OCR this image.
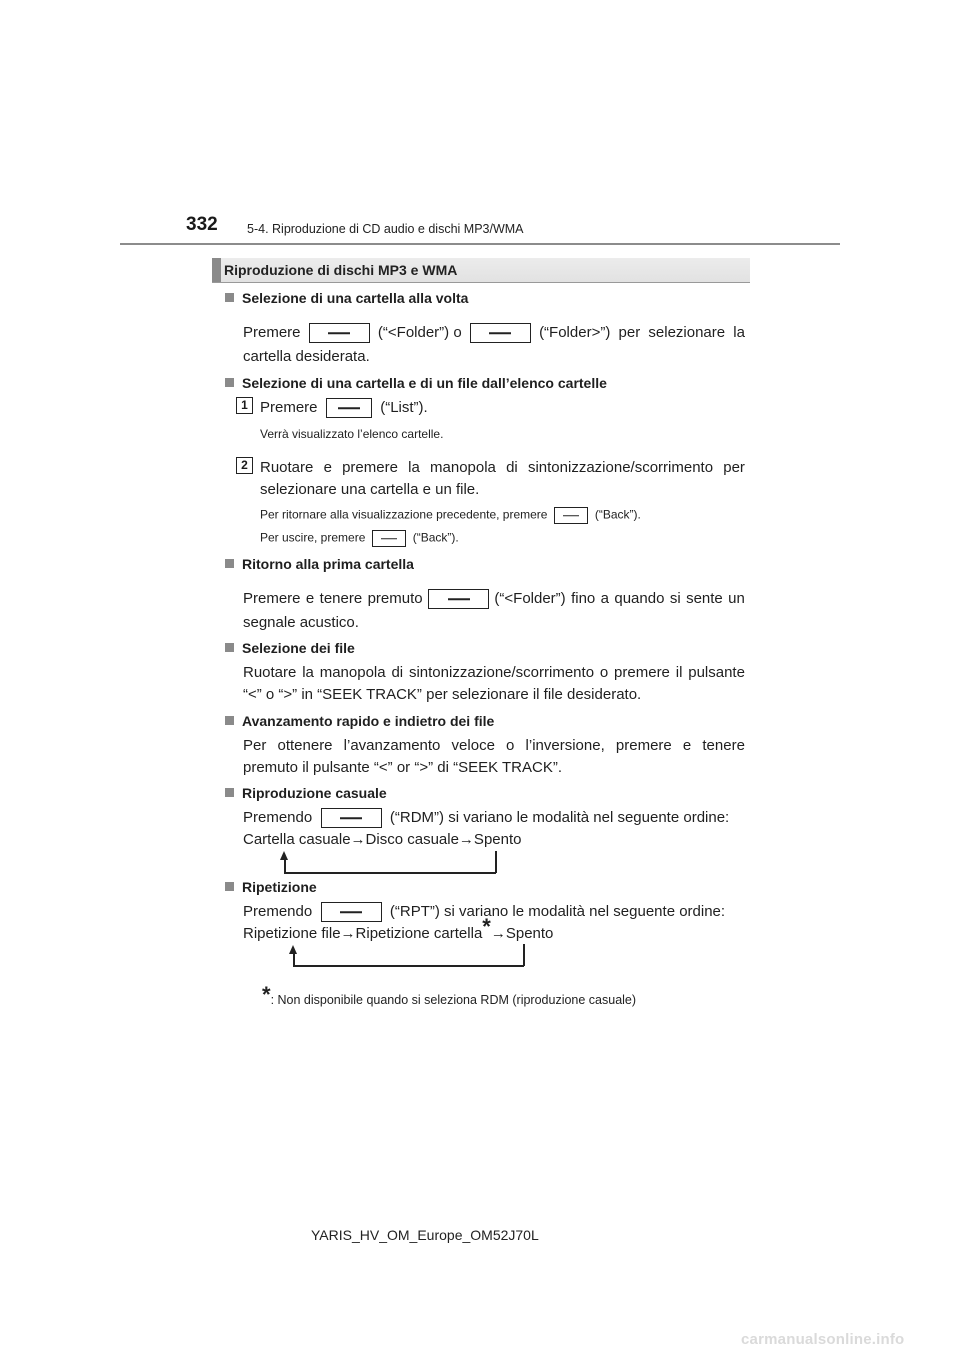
332 5-4. Riproduzione di CD audio e dischi MP3/WMA
Riproduzione di dischi MP3 e WMA
Selezione di una cartella alla volta
Premere	(“<Folder”) o	(“Folder>”) per selezionare la
cartella desiderata.
Selezione di una cartella e di un file dall’elenco cartelle
1 Premere	(“List”).
Verrà visualizzato l’elenco cartelle.
2 Ruotare e premere la manopola di sintonizzazione/scorrimento per
selezionare una cartella e un file.
Per ritornare alla visualizzazione precedente, premere	(“Back”).
Per uscire, premere	(“Back”).
Ritorno alla prima cartella
Premere e tenere premuto	(“<Folder”) fino a quando si sente un
segnale acustico.
Selezione dei file
Ruotare la manopola di sintonizzazione/scorrimento o premere il pulsante
“<” o “>” in “SEEK TRACK” per selezionare il file desiderato.
Avanzamento rapido e indietro dei file
Per ottenere l’avanzamento veloce o l’inversione, premere e tenere
premuto il pulsante “<” or “>” di “SEEK TRACK”.
Riproduzione casuale
Premendo	(“RDM”) si variano le modalità nel seguente ordine:
Cartella casuale→Disco casuale→Spento
Ripetizione
Premendo	(“RPT”) si variano le modalità nel seguente ordine:
Ripetizione file→Ripetizione cartella*→Spento
*: Non disponibile quando si seleziona RDM (riproduzione casuale)
YARIS_HV_OM_Europe_OM52J70L
carmanualsonline.info
